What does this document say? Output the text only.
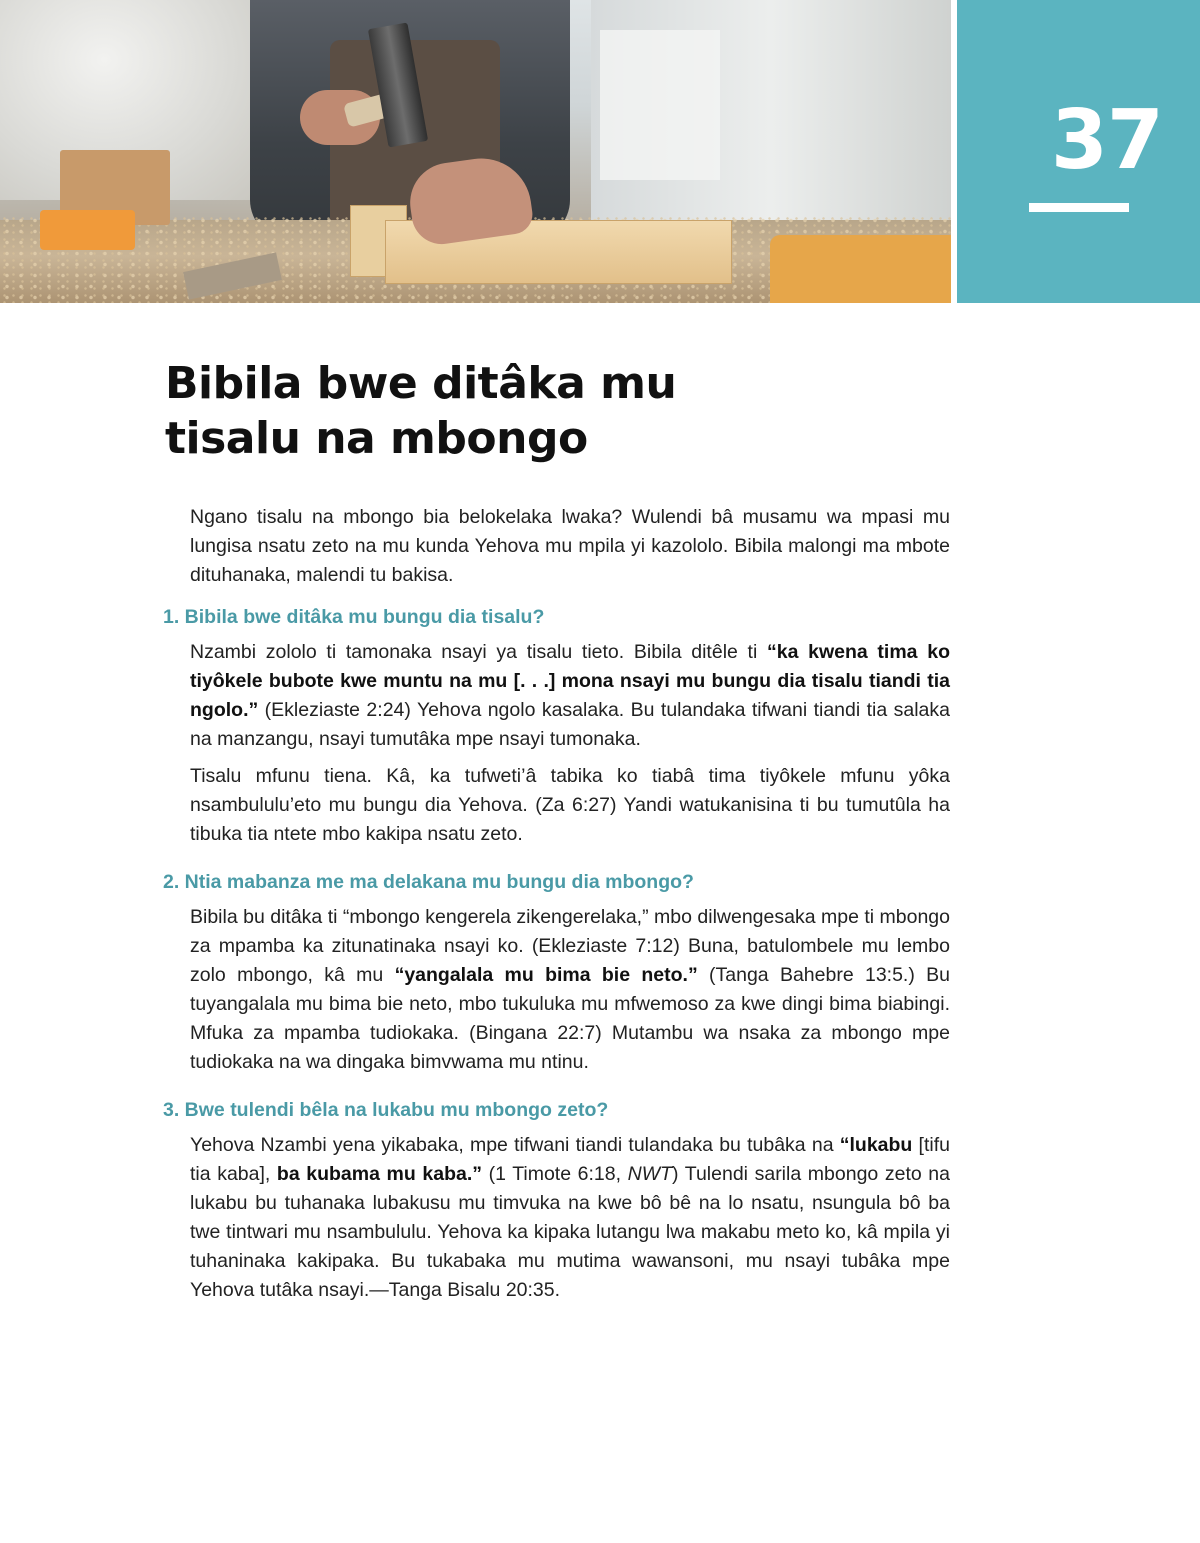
37
Bibila bwe ditâka mu
tisalu na mbongo

Ngano tisalu na mbongo bia belokelaka lwaka? Wulendi bâ musamu wa mpasi mu lungisa nsatu zeto na mu kunda Yehova mu mpila yi kazololo. Bibila malongi ma mbote dituhanaka, malendi tu bakisa.

1. Bibila bwe ditâka mu bungu dia tisalu?

Nzambi zololo ti tamonaka nsayi ya tisalu tieto. Bibila ditêle ti “ka kwena tima ko tiyôkele bubote kwe muntu na mu [. . .] mona nsayi mu bungu dia tisalu tiandi tia ngolo.” (Ekleziaste 2:24) Yehova ngolo kasalaka. Bu tulandaka tifwani tiandi tia salaka na manzangu, nsayi tumutâka mpe nsayi tumonaka.

Tisalu mfunu tiena. Kâ, ka tufweti’â tabika ko tiabâ tima tiyôkele mfunu yôka nsambululu’eto mu bungu dia Yehova. (Za 6:27) Yandi watukanisina ti bu tumutûla ha tibuka tia ntete mbo kakipa nsatu zeto.

2. Ntia mabanza me ma delakana mu bungu dia mbongo?

Bibila bu ditâka ti “mbongo kengerela zikengerelaka,” mbo dilwengesaka mpe ti mbongo za mpamba ka zitunatinaka nsayi ko. (Ekleziaste 7:12) Buna, batulombele mu lembo zolo mbongo, kâ mu “yangalala mu bima bie neto.” (Tanga Bahebre 13:5.) Bu tuyangalala mu bima bie neto, mbo tukuluka mu mfwemoso za kwe dingi bima biabingi. Mfuka za mpamba tudiokaka. (Bingana 22:7) Mutambu wa nsaka za mbongo mpe tudiokaka na wa dingaka bimvwama mu ntinu.

3. Bwe tulendi bêla na lukabu mu mbongo zeto?

Yehova Nzambi yena yikabaka, mpe tifwani tiandi tulandaka bu tubâka na “lukabu [tifu tia kaba], ba kubama mu kaba.” (1 Timote 6:18, NWT) Tulendi sarila mbongo zeto na lukabu bu tuhanaka lubakusu mu timvuka na kwe bô bê na lo nsatu, nsungula bô ba twe tintwari mu nsambululu. Yehova ka kipaka lutangu lwa makabu meto ko, kâ mpila yi tuhaninaka kakipaka. Bu tukabaka mu mutima wawansoni, mu nsayi tubâka mpe Yehova tutâka nsayi.—Tanga Bisalu 20:35.
